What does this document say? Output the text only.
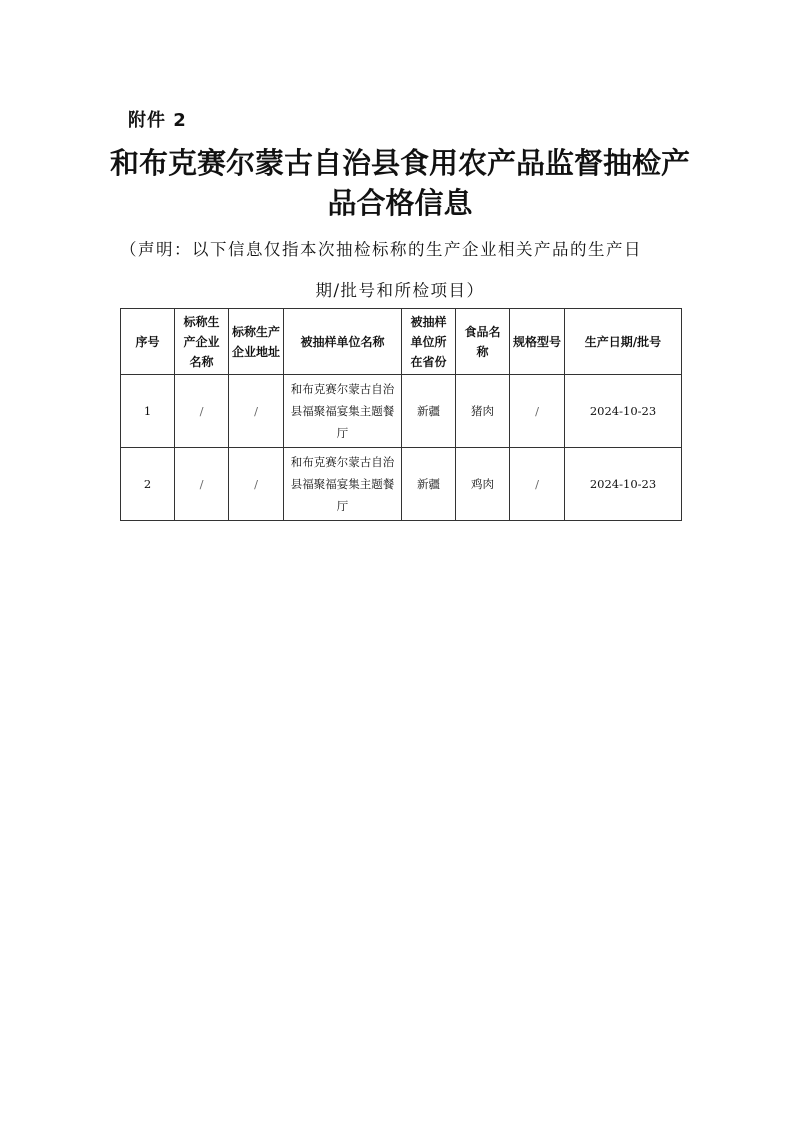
附件 2
和布克赛尔蒙古自治县食用农产品监督抽检产
品合格信息
（声明：以下信息仅指本次抽检标称的生产企业相关产品的生产日
期/批号和所检项目）
序号	标称生产企业名称	标称生产企业地址	被抽样单位名称	被抽样单位所在省份	食品名称	规格型号	生产日期/批号
1	/	/	和布克赛尔蒙古自治县福聚福宴集主题餐厅	新疆	猪肉	/	2024-10-23
2	/	/	和布克赛尔蒙古自治县福聚福宴集主题餐厅	新疆	鸡肉	/	2024-10-23
